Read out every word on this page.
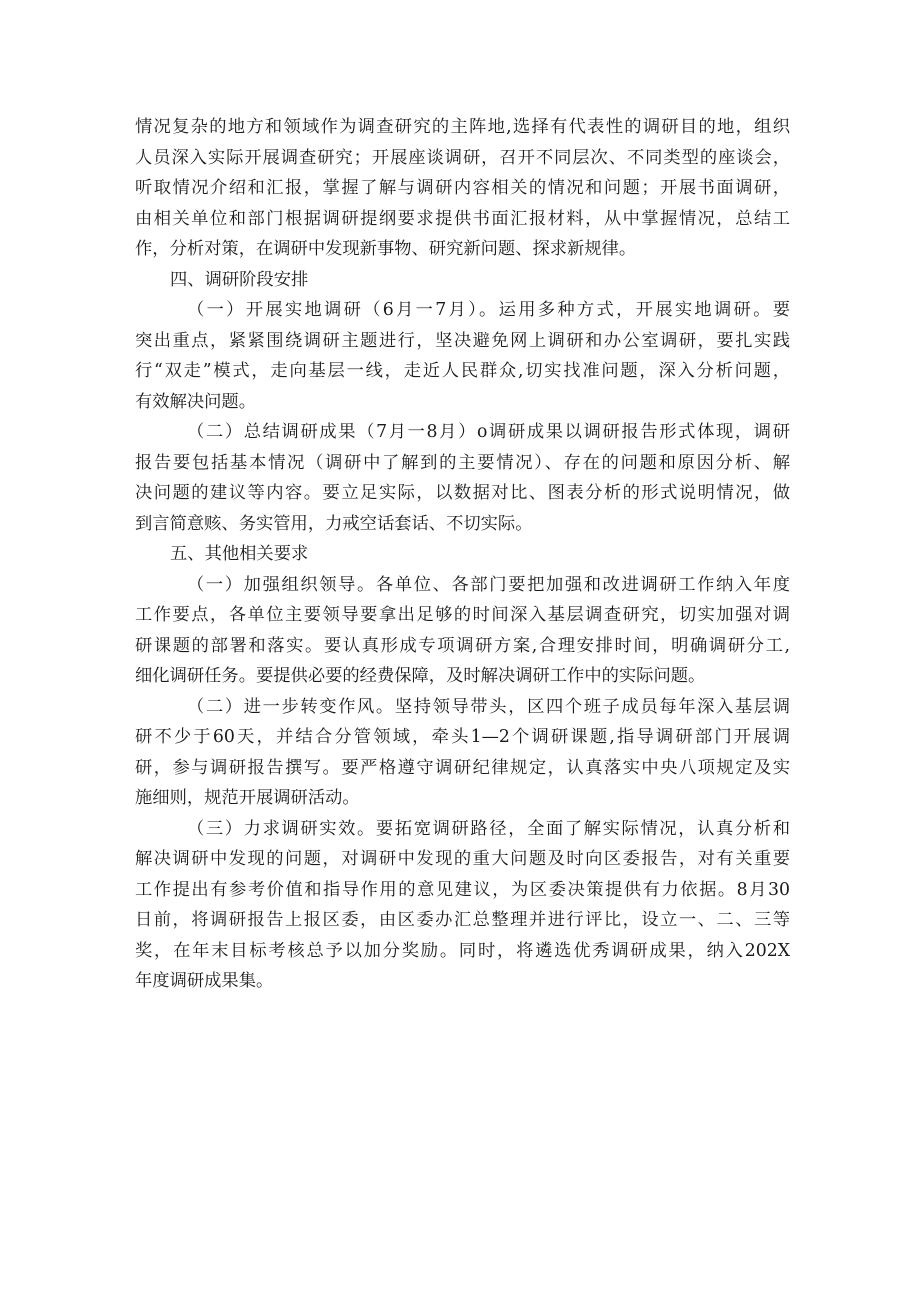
情况复杂的地方和领域作为调查研究的主阵地,选择有代表性的调研目的地，组织
人员深入实际开展调查研究；开展座谈调研，召开不同层次、不同类型的座谈会，
听取情况介绍和汇报，掌握了解与调研内容相关的情况和问题；开展书面调研，
由相关单位和部门根据调研提纲要求提供书面汇报材料，从中掌握情况，总结工
作，分析对策，在调研中发现新事物、研究新问题、探求新规律。
四、调研阶段安排
（一）开展实地调研（6月一7月）。运用多种方式，开展实地调研。要
突出重点，紧紧围绕调研主题进行，坚决避免网上调研和办公室调研，要扎实践
行“双走”模式，走向基层一线，走近人民群众,切实找准问题，深入分析问题，
有效解决问题。
（二）总结调研成果（7月一8月）o调研成果以调研报告形式体现，调研
报告要包括基本情况（调研中了解到的主要情况）、存在的问题和原因分析、解
决问题的建议等内容。要立足实际，以数据对比、图表分析的形式说明情况，做
到言简意赅、务实管用，力戒空话套话、不切实际。
五、其他相关要求
（一）加强组织领导。各单位、各部门要把加强和改进调研工作纳入年度
工作要点，各单位主要领导要拿出足够的时间深入基层调查研究，切实加强对调
研课题的部署和落实。要认真形成专项调研方案,合理安排时间，明确调研分工,
细化调研任务。要提供必要的经费保障，及时解决调研工作中的实际问题。
（二）进一步转变作风。坚持领导带头，区四个班子成员每年深入基层调
研不少于60天，并结合分管领域，牵头1—2个调研课题,指导调研部门开展调
研，参与调研报告撰写。要严格遵守调研纪律规定，认真落实中央八项规定及实
施细则，规范开展调研活动。
（三）力求调研实效。要拓宽调研路径，全面了解实际情况，认真分析和
解决调研中发现的问题，对调研中发现的重大问题及时向区委报告，对有关重要
工作提出有参考价值和指导作用的意见建议，为区委决策提供有力依据。8月30
日前，将调研报告上报区委，由区委办汇总整理并进行评比，设立一、二、三等
奖，在年末目标考核总予以加分奖励。同时，将遴选优秀调研成果，纳入202X
年度调研成果集。
